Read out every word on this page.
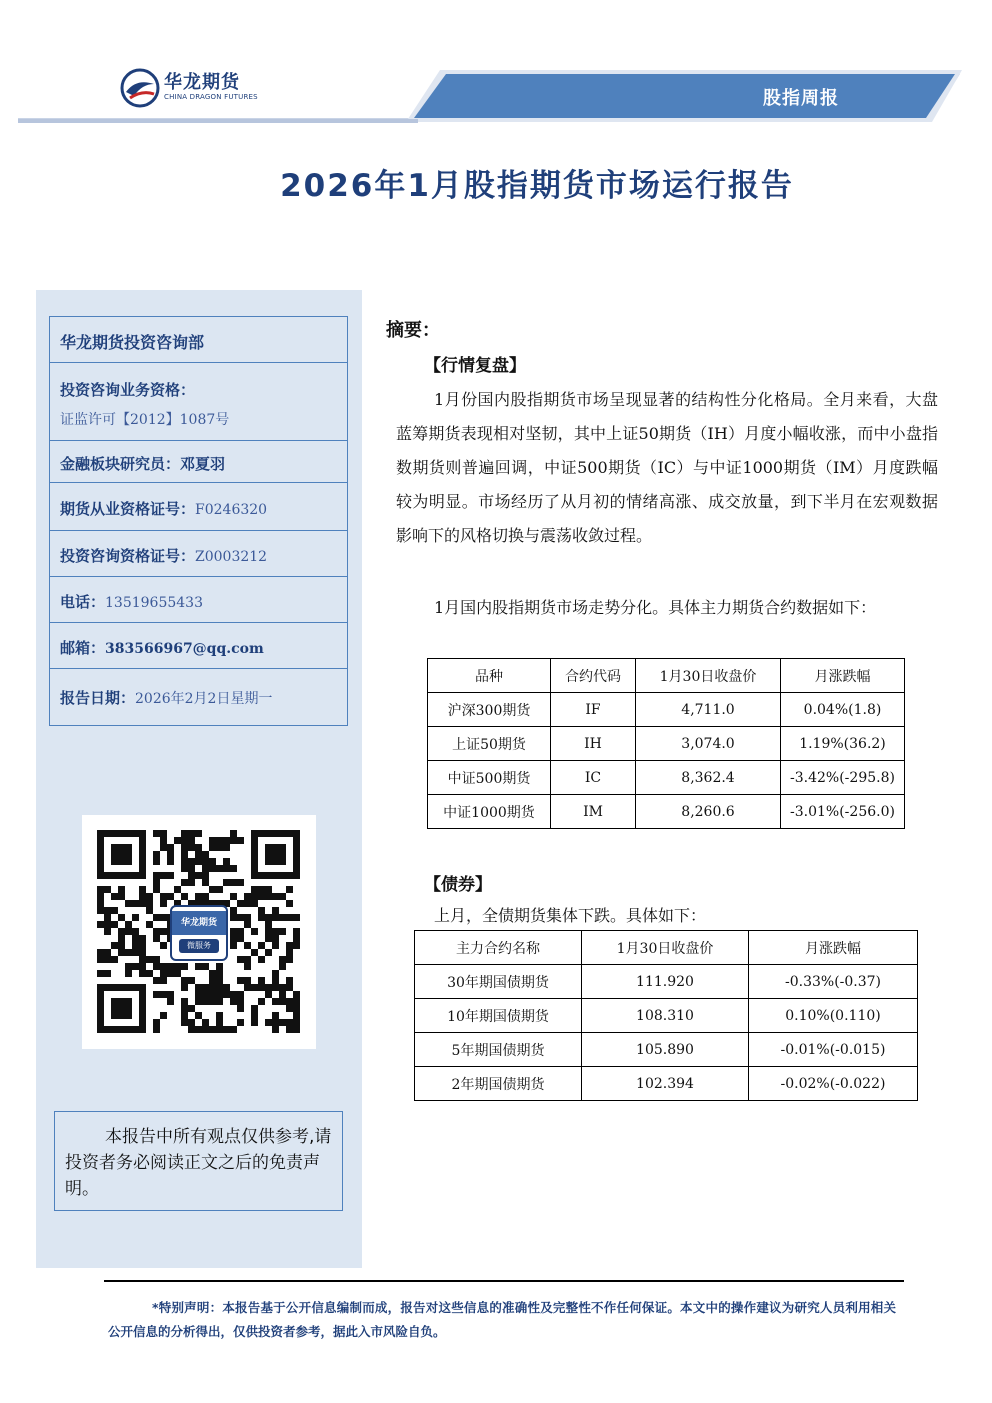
华龙期货
CHINA DRAGON FUTURES	股指周报
2026年1月股指期货市场运行报告
华龙期货投资咨询部
投资咨询业务资格：
证监许可【2012】1087号
金融板块研究员：邓夏羽
期货从业资格证号：F0246320
投资咨询资格证号：Z0003212
电话：13519655433
邮箱：383566967@qq.com
报告日期：2026年2月2日星期一
华龙期货
微服务
本报告中所有观点仅供参考,请投资者务必阅读正文之后的免责声明。
摘要：
【行情复盘】
1月份国内股指期货市场呈现显著的结构性分化格局。全月来看，大盘蓝筹期货表现相对坚韧，其中上证50期货（IH）月度小幅收涨，而中小盘指数期货则普遍回调，中证500期货（IC）与中证1000期货（IM）月度跌幅较为明显。市场经历了从月初的情绪高涨、成交放量，到下半月在宏观数据影响下的风格切换与震荡收敛过程。
1月国内股指期货市场走势分化。具体主力期货合约数据如下：
品种	合约代码	1月30日收盘价	月涨跌幅
沪深300期货	IF	4,711.0	0.04%(1.8)
上证50期货	IH	3,074.0	1.19%(36.2)
中证500期货	IC	8,362.4	-3.42%(-295.8)
中证1000期货	IM	8,260.6	-3.01%(-256.0)
【债券】
上月，全债期货集体下跌。具体如下：
主力合约名称	1月30日收盘价	月涨跌幅
30年期国债期货	111.920	-0.33%(-0.37)
10年期国债期货	108.310	0.10%(0.110)
5年期国债期货	105.890	-0.01%(-0.015)
2年期国债期货	102.394	-0.02%(-0.022)
*特别声明：本报告基于公开信息编制而成，报告对这些信息的准确性及完整性不作任何保证。本文中的操作建议为研究人员利用相关公开信息的分析得出，仅供投资者参考，据此入市风险自负。
